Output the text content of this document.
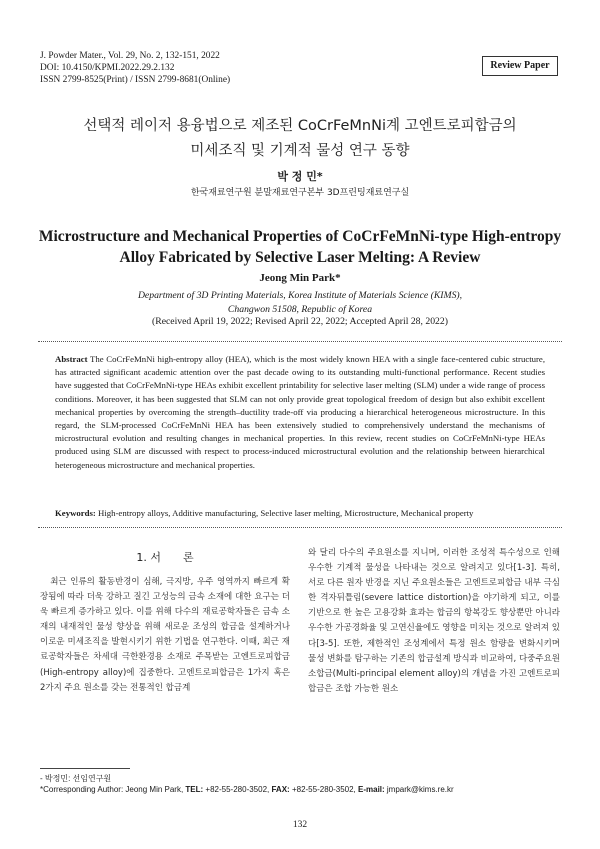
J. Powder Mater., Vol. 29, No. 2, 132-151, 2022
DOI: 10.4150/KPMI.2022.29.2.132
ISSN 2799-8525(Print) / ISSN 2799-8681(Online)
Review Paper
선택적 레이저 용융법으로 제조된 CoCrFeMnNi계 고엔트로피합금의
미세조직 및 기계적 물성 연구 동향
박 정 민*
한국재료연구원 분말재료연구본부 3D프린팅재료연구실
Microstructure and Mechanical Properties of CoCrFeMnNi-type High-entropy
Alloy Fabricated by Selective Laser Melting: A Review
Jeong Min Park*
Department of 3D Printing Materials, Korea Institute of Materials Science (KIMS),
Changwon 51508, Republic of Korea
(Received April 19, 2022; Revised April 22, 2022; Accepted April 28, 2022)
Abstract The CoCrFeMnNi high-entropy alloy (HEA), which is the most widely known HEA with a single face-centered cubic structure, has attracted significant academic attention over the past decade owing to its outstanding multi-functional performance. Recent studies have suggested that CoCrFeMnNi-type HEAs exhibit excellent printability for selective laser melting (SLM) under a wide range of process conditions. Moreover, it has been suggested that SLM can not only provide great topological freedom of design but also exhibit excellent mechanical properties by overcoming the strength–ductility trade-off via producing a hierarchical heterogeneous microstructure. In this regard, the SLM-processed CoCrFeMnNi HEA has been extensively studied to comprehensively understand the mechanisms of microstructural evolution and resulting changes in mechanical properties. In this review, recent studies on CoCrFeMnNi-type HEAs produced using SLM are discussed with respect to process-induced microstructural evolution and the relationship between hierarchical heterogeneous microstructure and mechanical properties.
Keywords: High-entropy alloys, Additive manufacturing, Selective laser melting, Microstructure, Mechanical property
1. 서　　론
최근 인류의 활동반경이 심해, 극지방, 우주 영역까지 빠르게 확장됨에 따라 더욱 강하고 질긴 고성능의 금속 소재에 대한 요구는 더욱 빠르게 증가하고 있다. 이를 위해 다수의 재료공학자들은 금속 소재의 내재적인 물성 향상을 위해 새로운 조성의 합금을 설계하거나 이로운 미세조직을 발현시키기 위한 기법을 연구한다. 이때, 최근 재료공학자들은 차세대 극한환경용 소재로 주목받는 고엔트로피합금(High-entropy alloy)에 집중한다. 고엔트로피합금은 1가지 혹은 2가지 주요 원소를 갖는 전통적인 합금계
와 달리 다수의 주요원소를 지니며, 이러한 조성적 특수성으로 인해 우수한 기계적 물성을 나타내는 것으로 알려지고 있다[1-3]. 특히, 서로 다른 원자 반경을 지닌 주요원소들은 고엔트로피합금 내부 극심한 격자뒤틀림(severe lattice distortion)을 야기하게 되고, 이를 기반으로 한 높은 고용강화 효과는 합금의 항복강도 향상뿐만 아니라 우수한 가공경화율 및 고연신율에도 영향을 미치는 것으로 알려져 있다[3-5]. 또한, 제한적인 조성계에서 특정 원소 함량을 변화시키며 물성 변화를 탐구하는 기존의 합금설계 방식과 비교하여, 다중주요원소합금(Multi-principal element alloy)의 개념을 가진 고엔트로피합금은 조합 가능한 원소
- 박정민: 선임연구원
*Corresponding Author: Jeong Min Park, TEL: +82-55-280-3502, FAX: +82-55-280-3502, E-mail: jmpark@kims.re.kr
132
